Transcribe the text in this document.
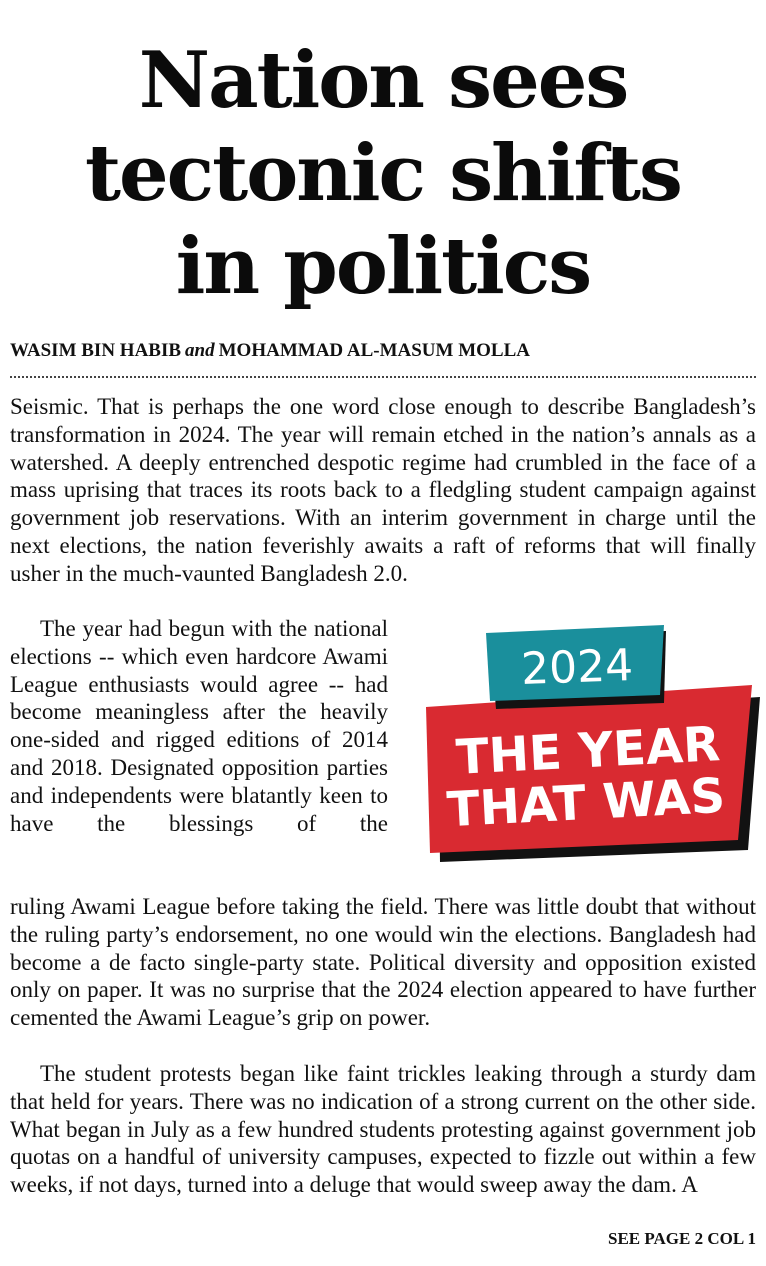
Nation sees
tectonic shifts
in politics
WASIM BIN HABIB and MOHAMMAD AL-MASUM MOLLA

Seismic. That is perhaps the one word close enough to describe Bangladesh’s transformation in 2024. The year will remain etched in the nation’s annals as a watershed. A deeply entrenched despotic regime had crumbled in the face of a mass uprising that traces its roots back to a fledgling student campaign against government job reservations. With an interim government in charge until the next elections, the nation feverishly awaits a raft of reforms that will finally usher in the much-vaunted Bangladesh 2.0.

The year had begun with the national elections -- which even hardcore Awami League enthusiasts would agree -- had become meaningless after the heavily one-sided and rigged editions of 2014 and 2018. Designated opposition parties and independents were blatantly keen to have the blessings of the

2024
THE YEAR
THAT WAS

ruling Awami League before taking the field. There was little doubt that without the ruling party’s endorsement, no one would win the elections. Bangladesh had become a de facto single-party state. Political diversity and opposition existed only on paper. It was no surprise that the 2024 election appeared to have further cemented the Awami League’s grip on power.

The student protests began like faint trickles leaking through a sturdy dam that held for years. There was no indication of a strong current on the other side. What began in July as a few hundred students protesting against government job quotas on a handful of university campuses, expected to fizzle out within a few weeks, if not days, turned into a deluge that would sweep away the dam. A

SEE PAGE 2 COL 1
